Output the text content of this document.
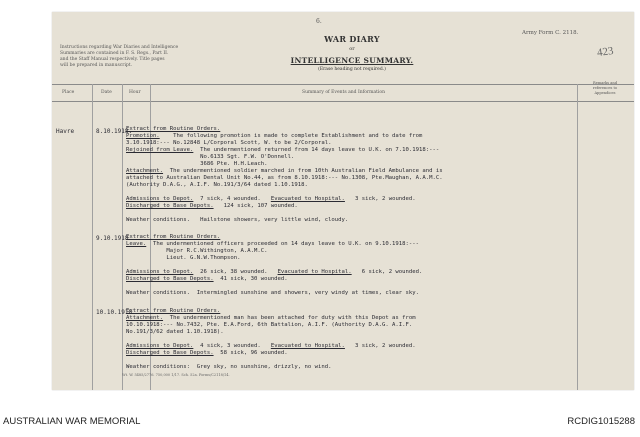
6.
Instructions regarding War Diaries and Intelligence
Summaries are contained in F. S. Regs., Part II.
and the Staff Manual respectively. Title pages
will be prepared in manuscript.
WAR DIARY
or
INTELLIGENCE SUMMARY.
(Erase heading not required.)
Army Form C. 2118.
423
Place	Date	Hour	Summary of Events and Information
Remarks and
references to
Appendices
Havre	8.10.1918.
Extract from Routine Orders.
Promotion.    The following promotion is made to complete Establishment and to date from
3.10.1918:--- No.12848 L/Corporal Scott, W. to be 2/Corporal.
Rejoined from Leave.  The undermentioned returned from 14 days leave to U.K. on 7.10.1918:---
No.6133 Sgt. F.W. O'Donnell.
3686 Pte. H.H.Leach.
Attachment.  The undermentioned soldier marched in from 10th Australian Field Ambulance and is
attached to Australian Dental Unit No.44, as from 8.10.1918:--- No.1308, Pte.Maughan, A.A.M.C.
(Authority D.A.G., A.I.F. No.191/3/64 dated 1.10.1918.

Admissions to Depot.  7 sick, 4 wounded.   Evacuated to Hospital.   3 sick, 2 wounded.
Discharged to Base Depots.   124 sick, 107 wounded.

Weather conditions.   Hailstone showers, very little wind, cloudy.
9.10.1918.
Extract from Routine Orders.
Leave.  The undermentioned officers proceeded on 14 days leave to U.K. on 9.10.1918:---
Major R.C.Withington, A.A.M.C.
Lieut. G.N.W.Thompson.

Admissions to Depot.  26 sick, 38 wounded.   Evacuated to Hospital.   6 sick, 2 wounded.
Discharged to Base Depots.  41 sick, 30 wounded.

Weather conditions.  Intermingled sunshine and showers, very windy at times, clear sky.
10.10.1918.
Extract from Routine Orders.
Attachment.  The undermentioned man has been attached for duty with this Depot as from
10.10.1918:--- No.7432, Pte. E.A.Ford, 6th Battalion, A.I.F. (Authority D.A.G. A.I.F.
No.191/3/62 dated 1.10.1918).

Admissions to Depot.  4 sick, 3 wounded.   Evacuated to Hospital.   3 sick, 2 wounded.
Discharged to Base Depots.  58 sick, 96 wounded.

Weather conditions:  Grey sky, no sunshine, drizzly, no wind.
Wt. W. 5485/2776. 750,000 1/17. Sch. 52a. Forms/C2118/14.
AUSTRALIAN WAR MEMORIAL	RCDIG1015288
